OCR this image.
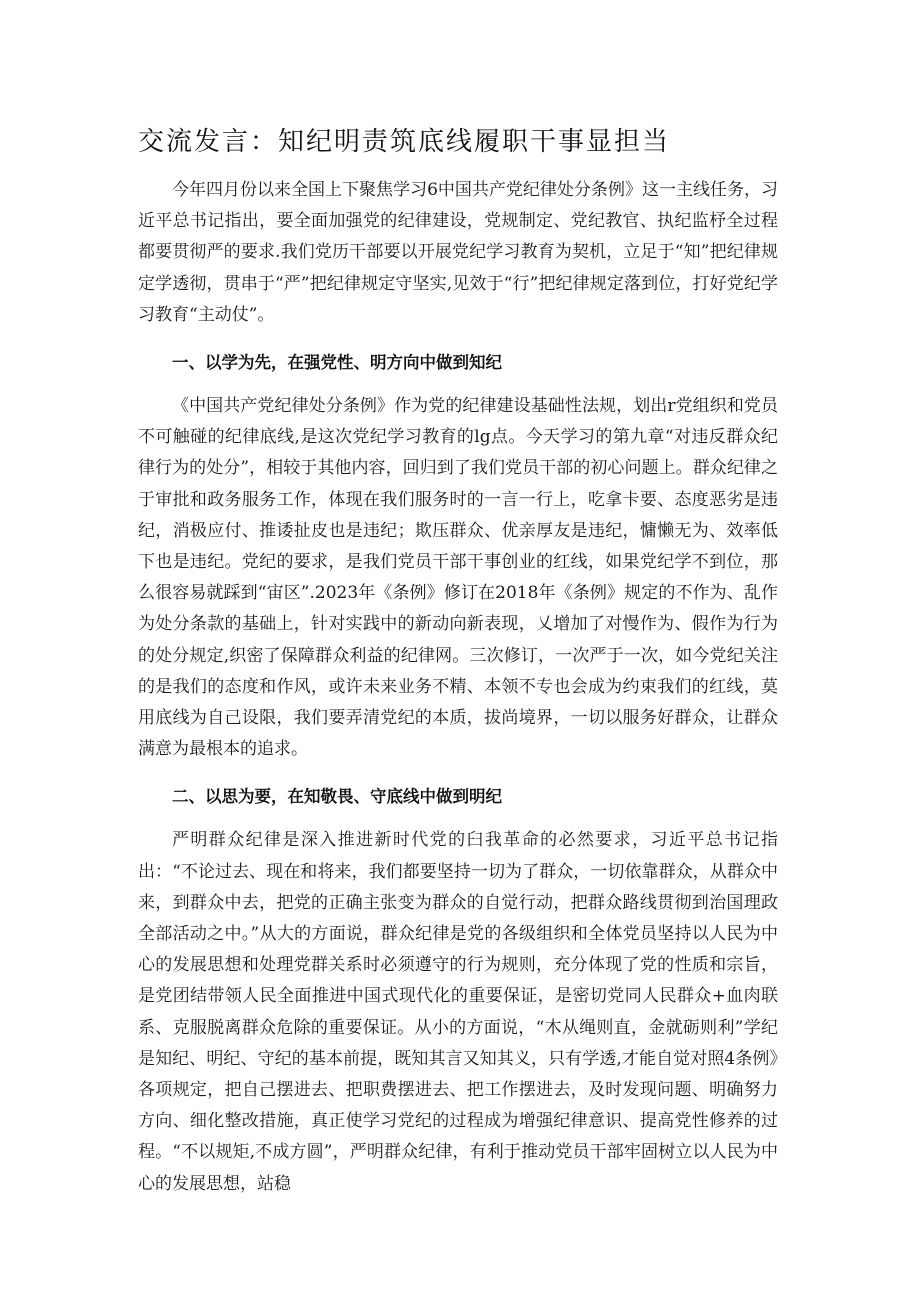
交流发言：知纪明责筑底线履职干事显担当

今年四月份以来全国上下聚焦学习6中国共产党纪律处分条例》这一主线任务，习近平总书记指出，要全面加强党的纪律建设，党规制定、党纪教官、执纪监杼全过程都要贯彻严的要求.我们党历干部要以开展党纪学习教育为契机，立足于“知”把纪律规定学透彻，贯串于“严”把纪律规定守坚实,见效于“行”把纪律规定落到位，打好党纪学习教育“主动仗”。

一、以学为先，在强党性、明方向中做到知纪

《中国共产党纪律处分条例》作为党的纪律建设基础性法规，划出r党组织和党员不可触碰的纪律底线,是这次党纪学习教育的lg点。今天学习的第九章“对违反群众纪律行为的处分”，相较于其他内容，回归到了我们党员干部的初心问题上。群众纪律之于审批和政务服务工作，体现在我们服务时的一言一行上，吃拿卡要、态度恶劣是违纪，消极应付、推诿扯皮也是违纪；欺压群众、优亲厚友是违纪，慵懒无为、效率低下也是违纪。党纪的要求，是我们党员干部干事创业的红线，如果党纪学不到位，那么很容易就踩到“宙区”.2023年《条例》修订在2018年《条例》规定的不作为、乱作为处分条款的基础上，针对实践中的新动向新表现，乂增加了对慢作为、假作为行为的处分规定,织密了保障群众利益的纪律网。三次修订，一次严于一次，如今党纪关注的是我们的态度和作风，或许未来业务不精、本领不专也会成为约束我们的红线，莫用底线为自己设限，我们要弄清党纪的本质，拔尚境界，一切以服务好群众，让群众满意为最根本的追求。

二、以思为要，在知敬畏、守底线中做到明纪

严明群众纪律是深入推进新时代党的臼我革命的必然要求，习近平总书记指出：“不论过去、现在和将来，我们都要坚持一切为了群众，一切依靠群众，从群众中来，到群众中去，把党的正确主张变为群众的自觉行动，把群众路线贯彻到治国理政全部活动之中。”从大的方面说，群众纪律是党的各级组织和全体党员坚持以人民为中心的发展思想和处理党群关系时必须遵守的行为规则，充分体现了党的性质和宗旨，是党团结带领人民全面推进中国式现代化的重要保证，是密切党同人民群众+血肉联系、克服脱离群众危除的重要保证。从小的方面说，“木从绳则直，金就砺则利”学纪是知纪、明纪、守纪的基本前提，既知其言又知其义，只有学透,才能自觉对照4条例》各项规定，把自己摆进去、把职费摆进去、把工作摆进去，及时发现问题、明确努力方向、细化整改措施，真正使学习党纪的过程成为增强纪律意识、提高党性修养的过程。“不以规矩,不成方圆”，严明群众纪律，有利于推动党员干部牢固树立以人民为中心的发展思想，站稳
